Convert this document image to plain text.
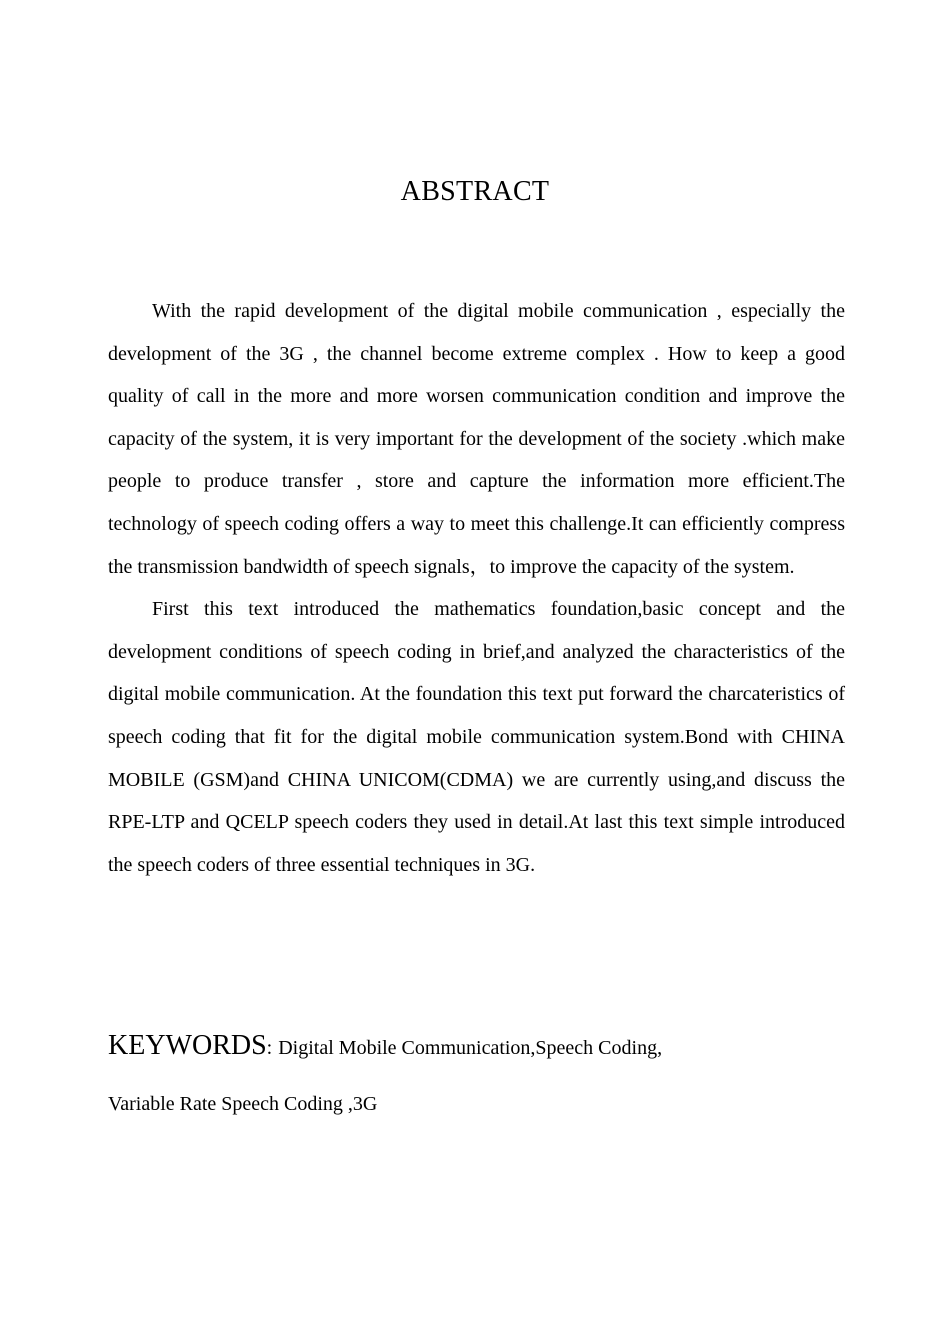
ABSTRACT

With the rapid development of the digital mobile communication , especially the development of the 3G , the channel become extreme complex . How to keep a good quality of call in the more and more worsen communication condition and improve the capacity of the system, it is very important for the development of the society .which make people to produce transfer , store and capture the information more efficient.The technology of speech coding offers a way to meet this challenge.It can efficiently compress the transmission bandwidth of speech signals，to improve the capacity of the system.

First this text introduced the mathematics foundation,basic concept and the development conditions of speech coding in brief,and analyzed the characteristics of the digital mobile communication. At the foundation this text put forward the charcateristics of speech coding that fit for the digital mobile communication system.Bond with CHINA MOBILE (GSM)and CHINA UNICOM(CDMA) we are currently using,and discuss the RPE-LTP and QCELP speech coders they used in detail.At last this text simple introduced the speech coders of three essential techniques in 3G.

KEYWORDS: Digital Mobile Communication,Speech Coding,

Variable Rate Speech Coding ,3G
